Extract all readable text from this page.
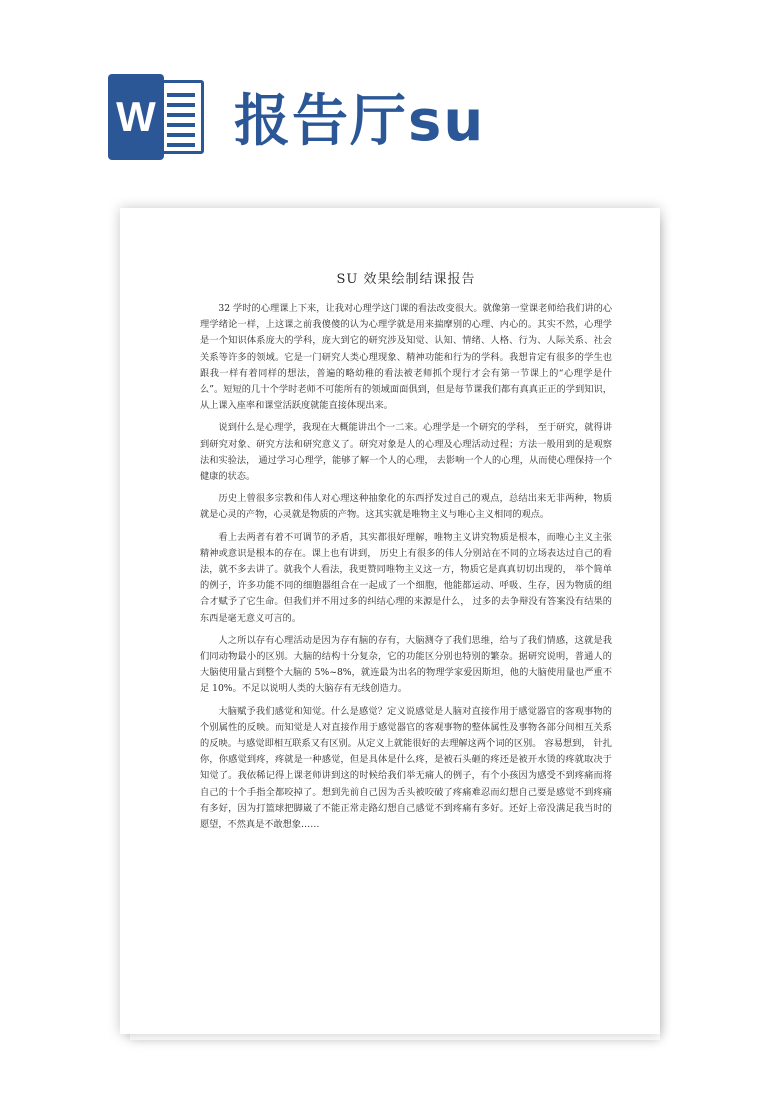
⁠ W 报告厅su
SU 效果绘制结课报告

32 学时的心理课上下来，让我对心理学这门课的看法改变很大。就像第一堂课老师给我们讲的心理学绪论一样，上这课之前我傻傻的认为心理学就是用来揣摩别的心理、内心的。其实不然，心理学是一个知识体系庞大的学科，庞大到它的研究涉及知觉、认知、情绪、人格、行为、人际关系、社会关系等许多的领域。它是一门研究人类心理现象、精神功能和行为的学科。我想肯定有很多的学生也跟我一样有着同样的想法，普遍的略幼稚的看法被老师抓个现行才会有第一节课上的“心理学是什么”。短短的几十个学时老师不可能所有的领域面面俱到，但是每节课我们都有真真正正的学到知识，从上课入座率和课堂活跃度就能直接体现出来。

说到什么是心理学，我现在大概能讲出个一二来。心理学是一个研究的学科， 至于研究，就得讲到研究对象、研究方法和研究意义了。研究对象是人的心理及心理活动过程；方法一般用到的是观察法和实验法， 通过学习心理学，能够了解一个人的心理， 去影响一个人的心理，从而使心理保持一个健康的状态。

历史上曾很多宗教和伟人对心理这种抽象化的东西抒发过自己的观点，总结出来无非两种，物质就是心灵的产物，心灵就是物质的产物。这其实就是唯物主义与唯心主义相同的观点。

看上去两者有着不可调节的矛盾，其实都很好理解，唯物主义讲究物质是根本，而唯心主义主张精神或意识是根本的存在。课上也有讲到， 历史上有很多的伟人分别站在不同的立场表达过自己的看法，就不多去讲了。就我个人看法，我更赞同唯物主义这一方，物质它是真真切切出现的， 举个简单的例子，许多功能不同的细胞器组合在一起成了一个细胞，他能都运动、呼吸、生存，因为物质的组合才赋予了它生命。但我们并不用过多的纠结心理的来源是什么， 过多的去争辩没有答案没有结果的东西是毫无意义可言的。

人之所以存有心理活动是因为存有脑的存有，大脑测夺了我们思维，给与了我们情感，这就是我们同动物最小的区别。大脑的结构十分复杂，它的功能区分别也特别的繁杂。据研究说明，普通人的大脑使用量占到整个大脑的 5%~8%，就连最为出名的物理学家爱因斯坦，他的大脑使用量也严重不足 10%。不足以说明人类的大脑存有无线创造力。

大脑赋予我们感觉和知觉。什么是感觉？定义说感觉是人脑对直接作用于感觉器官的客观事物的个别属性的反映。而知觉是人对直接作用于感觉器官的客观事物的整体属性及事物各部分间相互关系的反映。与感觉即相互联系又有区别。从定义上就能很好的去理解这两个词的区别。 容易想到， 针扎你，你感觉到疼，疼就是一种感觉，但是具体是什么疼，是被石头砸的疼还是被开水烫的疼就取决于知觉了。我依稀记得上课老师讲到这的时候给我们举无痛人的例子，有个小孩因为感受不到疼痛而将自己的十个手指全都咬掉了。想到先前自己因为舌头被咬破了疼痛难忍而幻想自己要是感觉不到疼痛有多好，因为打篮球把脚崴了不能正常走路幻想自己感觉不到疼痛有多好。还好上帝没满足我当时的愿望，不然真是不敢想象……
